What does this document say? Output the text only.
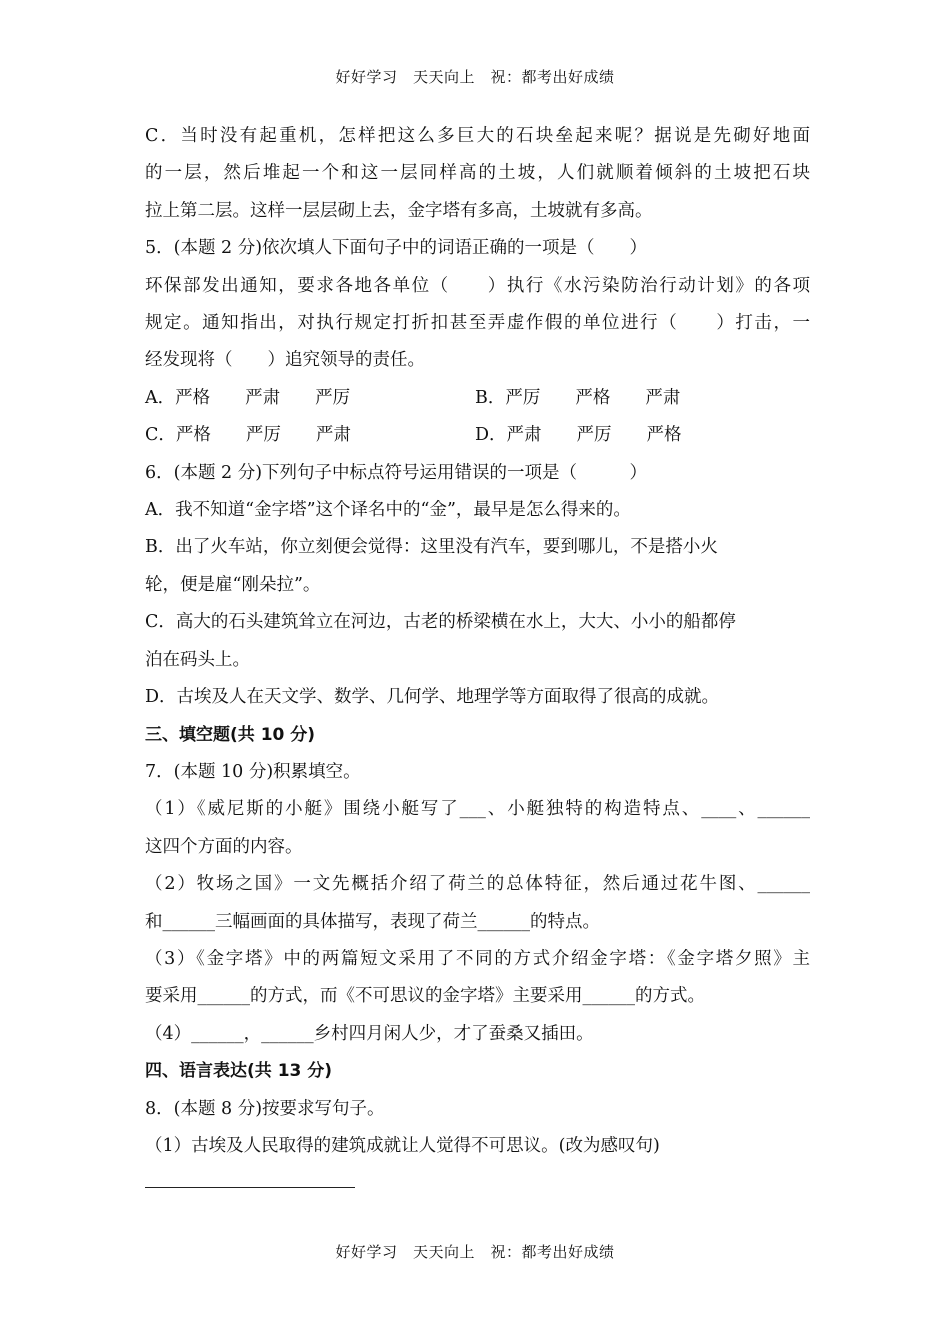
好好学习　天天向上　祝：都考出好成绩
C．当时没有起重机，怎样把这么多巨大的石块垒起来呢？据说是先砌好地面
的一层，然后堆起一个和这一层同样高的土坡，人们就顺着倾斜的土坡把石块
拉上第二层。这样一层层砌上去，金字塔有多高，土坡就有多高。
5．(本题 2 分)依次填人下面句子中的词语正确的一项是（　　）
环保部发出通知，要求各地各单位（　　）执行《水污染防治行动计划》的各项
规定。通知指出，对执行规定打折扣甚至弄虚作假的单位进行（　　）打击，一
经发现将（　　）追究领导的责任。
A．严格　　严肃　　严厉	B．严厉　　严格　　严肃
C．严格　　严厉　　严肃	D．严肃　　严厉　　严格
6．(本题 2 分)下列句子中标点符号运用错误的一项是（　　　）
A．我不知道“金字塔”这个译名中的“金”，最早是怎么得来的。
B．出了火车站，你立刻便会觉得：这里没有汽车，要到哪儿，不是搭小火
轮，便是雇“刚朵拉”。
C．高大的石头建筑耸立在河边，古老的桥梁横在水上，大大、小小的船都停
泊在码头上。
D．古埃及人在天文学、数学、几何学、地理学等方面取得了很高的成就。
三、填空题(共 10 分)
7．(本题 10 分)积累填空。
（1）《威尼斯的小艇》围绕小艇写了___、小艇独特的构造特点、____、______
这四个方面的内容。
（2）牧场之国》一文先概括介绍了荷兰的总体特征，然后通过花牛图、______
和______三幅画面的具体描写，表现了荷兰______的特点。
（3）《金字塔》中的两篇短文采用了不同的方式介绍金字塔：《金字塔夕照》主
要采用______的方式，而《不可思议的金字塔》主要采用______的方式。
（4）______，______乡村四月闲人少，才了蚕桑又插田。
四、语言表达(共 13 分)
8．(本题 8 分)按要求写句子。
（1）古埃及人民取得的建筑成就让人觉得不可思议。(改为感叹句)
好好学习　天天向上　祝：都考出好成绩
